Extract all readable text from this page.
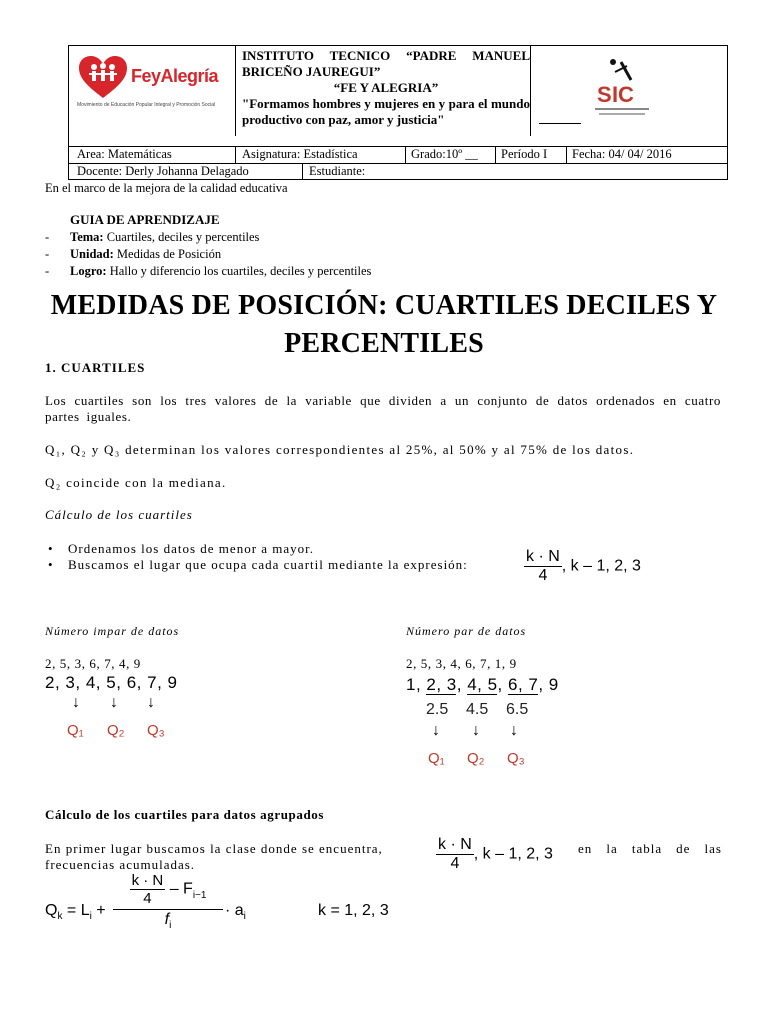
FeyAlegría
Movimiento de Educación Popular Integral y Promoción Social
INSTITUTO TECNICO “PADRE MANUEL BRICEÑO JAUREGUI”
“FE Y ALEGRIA”
"Formamos hombres y mujeres en y para el mundo productivo con paz, amor y justicia"
S I C
Area: Matemáticas	Asignatura: Estadística	Grado:10º __ Período I Fecha: 04/ 04/ 2016
Docente: Derly Johanna Delagado	Estudiante:
En el marco de la mejora de la calidad educativa
GUIA DE APRENDIZAJE
- Tema: Cuartiles, deciles y percentiles
- Unidad: Medidas de Posición
- Logro: Hallo y diferencio los cuartiles, deciles y percentiles
MEDIDAS DE POSICIÓN: CUARTILES DECILES Y
PERCENTILES
1. CUARTILES
Los cuartiles son los tres valores de la variable que dividen a un conjunto de datos ordenados en cuatro partes iguales.
Q₁, Q₂ y Q₃ determinan los valores correspondientes al 25%, al 50% y al 75% de los datos.
Q₂ coincide con la mediana.
Cálculo de los cuartiles
• Ordenamos los datos de menor a mayor.
• Buscamos el lugar que ocupa cada cuartil mediante la expresión:	$\frac{k \cdot N}{4}$ , k – 1, 2, 3
Número impar de datos
2, 5, 3, 6, 7, 4, 9
2, 3, 4, 5, 6, 7, 9
↓ ↓ ↓
Q₁ Q₂ Q₃
Número par de datos
2, 5, 3, 4, 6, 7, 1, 9
1, 2, 3, 4, 5, 6, 7, 9
2.5 4.5 6.5
↓ ↓ ↓
Q₁ Q₂ Q₃
Cálculo de los cuartiles para datos agrupados
En primer lugar buscamos la clase donde se encuentra,	$\frac{k \cdot N}{4}$ , k – 1, 2, 3 en la tabla de las
frecuencias acumuladas.
$Q_k = L_i + \frac{\frac{k \cdot N}{4} - F_{i-1}}{f_i} \cdot a_i$	k = 1, 2, 3
